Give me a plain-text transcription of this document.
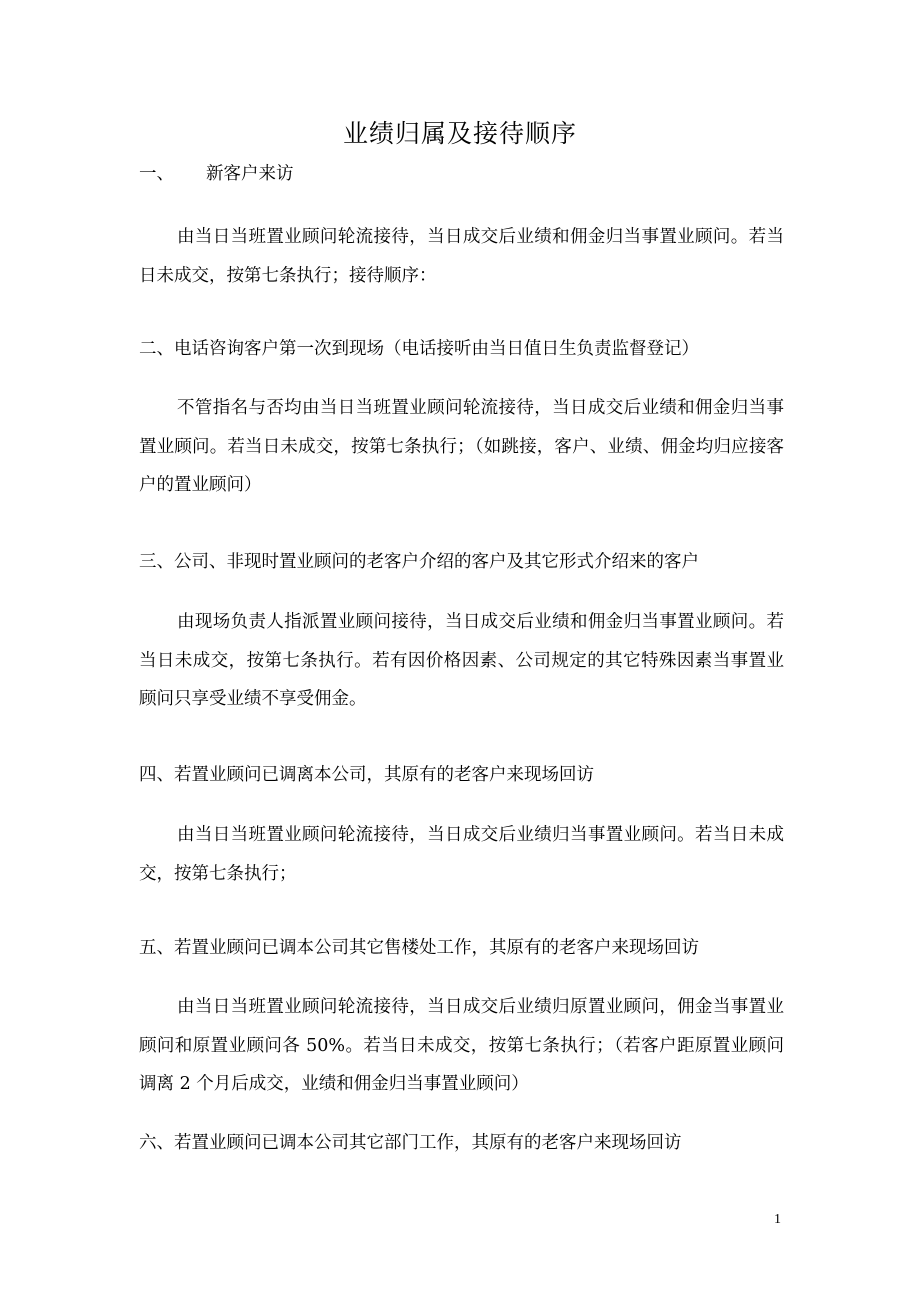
业绩归属及接待顺序
一、 新客户来访
由当日当班置业顾问轮流接待，当日成交后业绩和佣金归当事置业顾问。若当日未成交，按第七条执行；接待顺序：
二、电话咨询客户第一次到现场（电话接听由当日值日生负责监督登记）
不管指名与否均由当日当班置业顾问轮流接待，当日成交后业绩和佣金归当事置业顾问。若当日未成交，按第七条执行；（如跳接，客户、业绩、佣金均归应接客户的置业顾问）
三、公司、非现时置业顾问的老客户介绍的客户及其它形式介绍来的客户
由现场负责人指派置业顾问接待，当日成交后业绩和佣金归当事置业顾问。若当日未成交，按第七条执行。若有因价格因素、公司规定的其它特殊因素当事置业顾问只享受业绩不享受佣金。
四、若置业顾问已调离本公司，其原有的老客户来现场回访
由当日当班置业顾问轮流接待，当日成交后业绩归当事置业顾问。若当日未成交，按第七条执行；
五、若置业顾问已调本公司其它售楼处工作，其原有的老客户来现场回访
由当日当班置业顾问轮流接待，当日成交后业绩归原置业顾问，佣金当事置业顾问和原置业顾问各 50%。若当日未成交，按第七条执行；（若客户距原置业顾问调离 2 个月后成交，业绩和佣金归当事置业顾问）
六、若置业顾问已调本公司其它部门工作，其原有的老客户来现场回访
1
